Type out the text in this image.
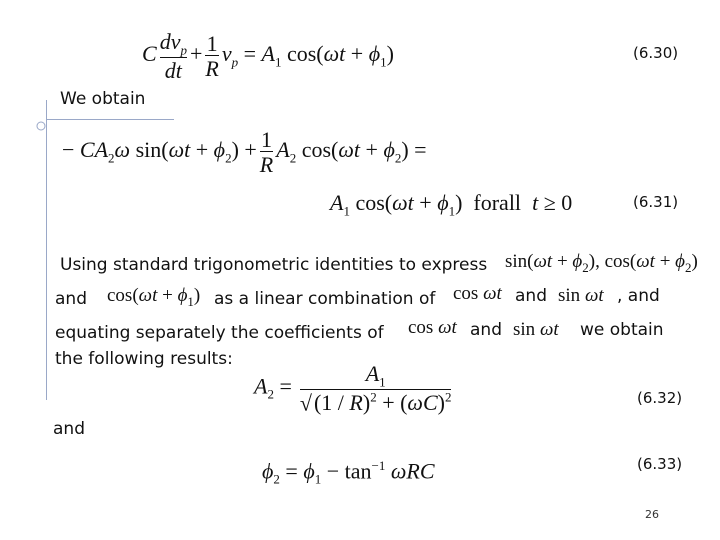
C $\frac{dv_p}{dt} + \frac{1}{R} v_p = A_1$ $\cos(\omega t + \phi_1)$	(6.30)
We obtain
− $CA_2\omega$ $\sin(\omega t + \phi_2) + \frac{1}{R} A_2$ $\cos(\omega t + \phi_2)$ =
$A_1$ $\cos(\omega t + \phi_1)$  forall t ≥ 0	(6.31)
Using standard trigonometric identities to express $\sin(\omega t + \phi_2)$, $\cos(\omega t + \phi_2)$
and $\cos(\omega t + \phi_1)$ as a linear combination of cos ωt and sin ωt , and
equating separately the coefficients of cos ωt and sin ωt we obtain
the following results:
$A_2 = \frac{A_1}{√(1 / R)^2 + (\omega C)^2}$	(6.32)
and
$\phi_2 = \phi_1 - \tan^{-1} \omega RC$	(6.33)
26
